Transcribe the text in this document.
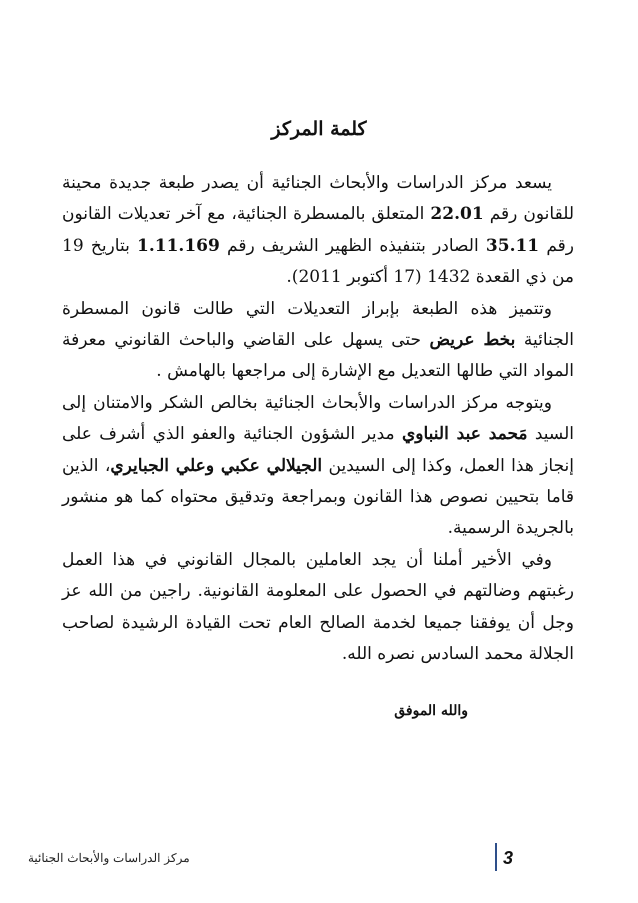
كلمة المركز

يسعد مركز الدراسات والأبحاث الجنائية أن يصدر طبعة جديدة محينة للقانون رقم 22.01 المتعلق بالمسطرة الجنائية، مع آخر تعديلات القانون رقم 35.11 الصادر بتنفيذه الظهير الشريف رقم 1.11.169 بتاريخ 19 من ذي القعدة 1432 (17 أكتوبر 2011).

وتتميز هذه الطبعة بإبراز التعديلات التي طالت قانون المسطرة الجنائية بخط عريض حتى يسهل على القاضي والباحث القانوني معرفة المواد التي طالها التعديل مع الإشارة إلى مراجعها بالهامش .

ويتوجه مركز الدراسات والأبحاث الجنائية بخالص الشكر والامتنان إلى السيد مَحمد عبد النباوي مدير الشؤون الجنائية والعفو الذي أشرف على إنجاز هذا العمل، وكذا إلى السيدين الجيلالي عكبي وعلي الجبايري، الذين قاما بتحيين نصوص هذا القانون وبمراجعة وتدقيق محتواه كما هو منشور بالجريدة الرسمية.

وفي الأخير أملنا أن يجد العاملين بالمجال القانوني في هذا العمل رغبتهم وضالتهم في الحصول على المعلومة القانونية. راجين من الله عز وجل أن يوفقنا جميعا لخدمة الصالح العام تحت القيادة الرشيدة لصاحب الجلالة محمد السادس نصره الله.

والله الموفق
مركز الدراسات والأبحاث الجنائية	3
